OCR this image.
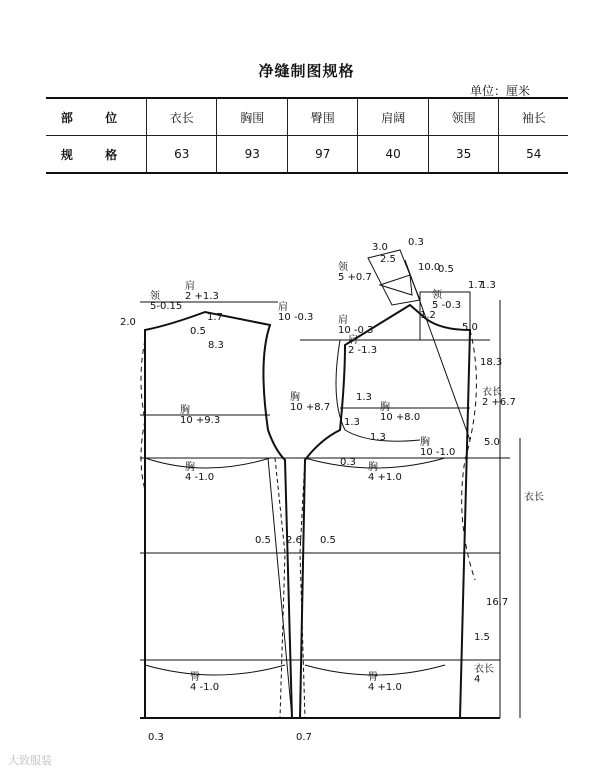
净缝制图规格
单位：厘米
部 位	衣长	胸围	臀围	肩阔	领围	袖长
规 格	63	93	97	40	35	54
领 5-0.15
肩 2 +1.3
肩 10 -0.3
0.5
1.7
2.0
8.3
胸 10 +9.3
胸 10 +8.7
胸 4 -1.0
胸 4 +1.0
0.5 2.6 0.5
臀 4 -1.0
臀 4 +1.0
0.3	0.7
领 5 +0.7
肩 10 -0.3
肩 2 -1.3
胸 10 +8.0
1.3
1.3
1.3	胸 10 -1.0
0.3
3.0
2.5
0.3
10.0
0.5
领 5 -0.3
1.7
1.3
5.0
1.2
18.3
衣长 2 +6.7
5.0
衣长
16.7
衣长 4
1.5
大致服装
